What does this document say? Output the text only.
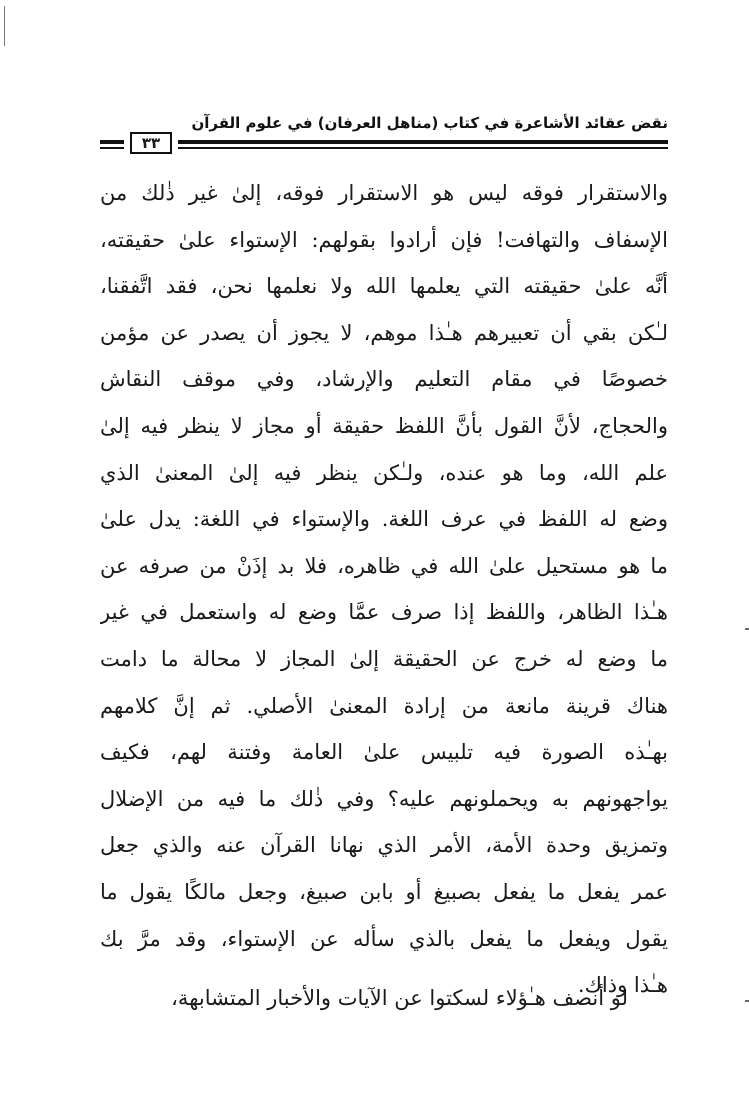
نقض عقائد الأشاعرة في كتاب (مناهل العرفان) في علوم القرآن
٣٣
والاستقرار فوقه ليس هو الاستقرار فوقه، إلىٰ غير ذٰلك من
الإسفاف والتهافت! فإن أرادوا بقولهم: الإستواء علىٰ حقيقته،
أنَّه علىٰ حقيقته التي يعلمها الله ولا نعلمها نحن، فقد اتَّفقنا،
لـٰكن بقي أن تعبيرهم هـٰذا موهم، لا يجوز أن يصدر عن مؤمن
خصوصًا في مقام التعليم والإرشاد، وفي موقف النقاش
والحجاج، لأنَّ القول بأنَّ اللفظ حقيقة أو مجاز لا ينظر فيه إلىٰ
علم الله، وما هو عنده، ولـٰكن ينظر فيه إلىٰ المعنىٰ الذي
وضع له اللفظ في عرف اللغة. والإستواء في اللغة: يدل علىٰ
ما هو مستحيل علىٰ الله في ظاهره، فلا بد إذَنْ من صرفه عن
هـٰذا الظاهر، واللفظ إذا صرف عمَّا وضع له واستعمل في غير
ما وضع له خرج عن الحقيقة إلىٰ المجاز لا محالة ما دامت
هناك قرينة مانعة من إرادة المعنىٰ الأصلي. ثم إنَّ كلامهم
بهـٰذه الصورة فيه تلبيس علىٰ العامة وفتنة لهم، فكيف
يواجهونهم به ويحملونهم عليه؟ وفي ذٰلك ما فيه من الإضلال
وتمزيق وحدة الأمة، الأمر الذي نهانا القرآن عنه والذي جعل
عمر يفعل ما يفعل بصبيغ أو بابن صبيغ، وجعل مالكًا يقول ما
يقول ويفعل ما يفعل بالذي سأله عن الإستواء، وقد مرَّ بك
هـٰذا وذاك.
لو أنصف هـٰؤلاء لسكتوا عن الآيات والأخبار المتشابهة،
